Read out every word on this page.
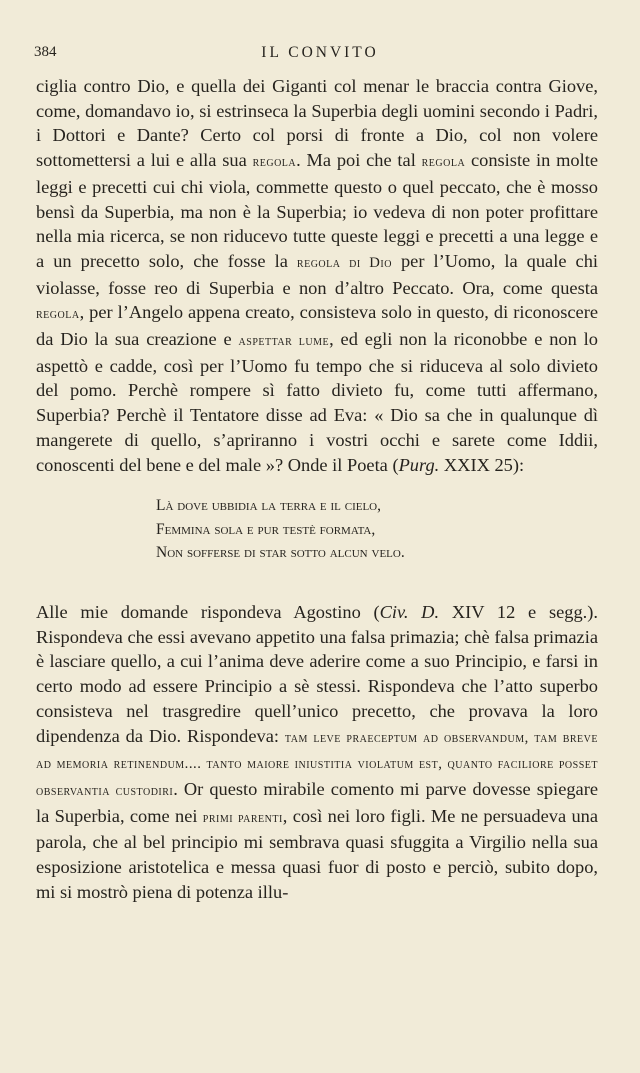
384	IL CONVITO

ciglia contro Dio, e quella dei Giganti col menar le braccia contra Giove, come, domandavo io, si estrinseca la Superbia degli uomini secondo i Padri, i Dottori e Dante? Certo col porsi di fronte a Dio, col non volere sottomettersi a lui e alla sua regola. Ma poi che tal regola consiste in molte leggi e precetti cui chi viola, commette questo o quel peccato, che è mosso bensì da Superbia, ma non è la Superbia; io vedeva di non poter profittare nella mia ricerca, se non riducevo tutte queste leggi e precetti a una legge e a un precetto solo, che fosse la regola di Dio per l’Uomo, la quale chi violasse, fosse reo di Superbia e non d’altro Peccato. Ora, come questa regola, per l’Angelo appena creato, consisteva solo in questo, di riconoscere da Dio la sua creazione e aspettar lume, ed egli non la riconobbe e non lo aspettò e cadde, così per l’Uomo fu tempo che si riduceva al solo divieto del pomo. Perchè rompere sì fatto divieto fu, come tutti affermano, Superbia? Perchè il Tentatore disse ad Eva: « Dio sa che in qualunque dì mangerete di quello, s’apriranno i vostri occhi e sarete come Iddii, conoscenti del bene e del male »? Onde il Poeta (Purg. XXIX 25):

Là dove ubbidia la terra e il cielo,
Femmina sola e pur testè formata,
Non sofferse di star sotto alcun velo.

Alle mie domande rispondeva Agostino (Civ. D. XIV 12 e segg.). Rispondeva che essi avevano appetito una falsa primazia; chè falsa primazia è lasciare quello, a cui l’anima deve aderire come a suo Principio, e farsi in certo modo ad essere Principio a sè stessi. Rispondeva che l’atto superbo consisteva nel trasgredire quell’unico precetto, che provava la loro dipendenza da Dio. Rispondeva: tam leve praeceptum ad observandum, tam breve ad memoria retinendum.... tanto maiore iniustitia violatum est, quanto faciliore posset observantia custodiri. Or questo mirabile comento mi parve dovesse spiegare la Superbia, come nei primi parenti, così nei loro figli. Me ne persuadeva una parola, che al bel principio mi sembrava quasi sfuggita a Virgilio nella sua esposizione aristotelica e messa quasi fuor di posto e perciò, subito dopo, mi si mostrò piena di potenza illu-
